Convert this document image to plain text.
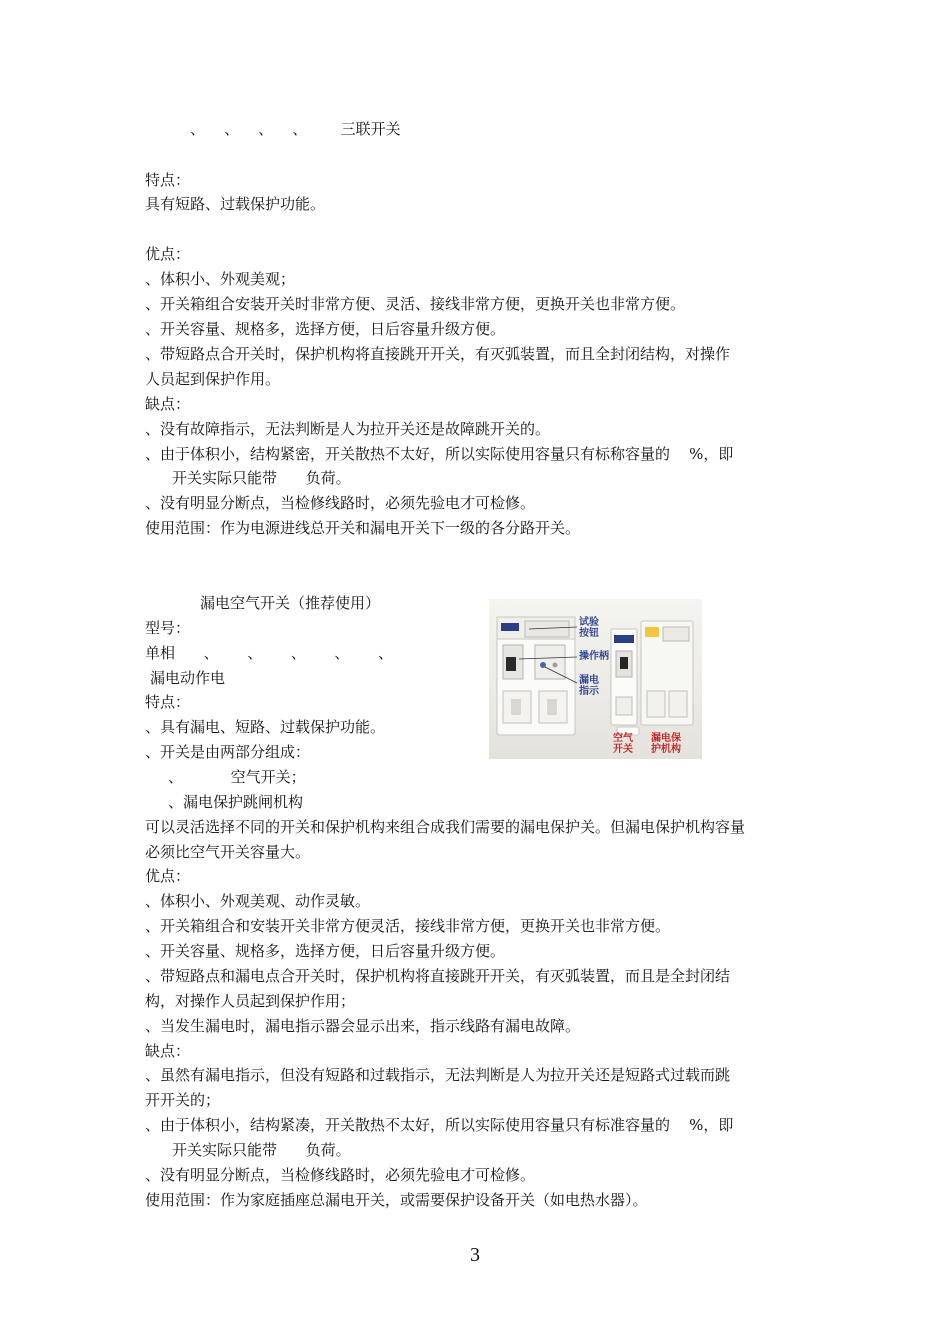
、    、    、    、       三联开关
特点：
具有短路、过载保护功能。
优点：
、体积小、外观美观；
、开关箱组合安装开关时非常方便、灵活、接线非常方便，更换开关也非常方便。
、开关容量、规格多，选择方便，日后容量升级方便。
、带短路点合开关时，保护机构将直接跳开开关，有灭弧装置，而且全封闭结构，对操作
人员起到保护作用。
缺点：
、没有故障指示，无法判断是人为拉开关还是故障跳开关的。
、由于体积小，结构紧密，开关散热不太好，所以实际使用容量只有标称容量的    %，即
开关实际只能带      负荷。
、没有明显分断点，当检修线路时，必须先验电才可检修。
使用范围：作为电源进线总开关和漏电开关下一级的各分路开关。
漏电空气开关（推荐使用）
型号：
单相      、      、      、      、      、
漏电动作电
特点：
、具有漏电、短路、过载保护功能。
、开关是由两部分组成：
、          空气开关；
、漏电保护跳闸机构
可以灵活选择不同的开关和保护机构来组合成我们需要的漏电保护关。但漏电保护机构容量
必须比空气开关容量大。
优点：
、体积小、外观美观、动作灵敏。
、开关箱组合和安装开关非常方便灵活，接线非常方便，更换开关也非常方便。
、开关容量、规格多，选择方便，日后容量升级方便。
、带短路点和漏电点合开关时，保护机构将直接跳开开关，有灭弧装置，而且是全封闭结
构，对操作人员起到保护作用；
、当发生漏电时，漏电指示器会显示出来，指示线路有漏电故障。
缺点：
、虽然有漏电指示，但没有短路和过载指示，无法判断是人为拉开关还是短路式过载而跳
开开关的；
、由于体积小，结构紧凑，开关散热不太好，所以实际使用容量只有标准容量的    %，即
开关实际只能带      负荷。
、没有明显分断点，当检修线路时，必须先验电才可检修。
使用范围：作为家庭插座总漏电开关，或需要保护设备开关（如电热水器）。
试验
按钮
操作柄
漏电
指示
空气
开关
漏电保
护机构
3
